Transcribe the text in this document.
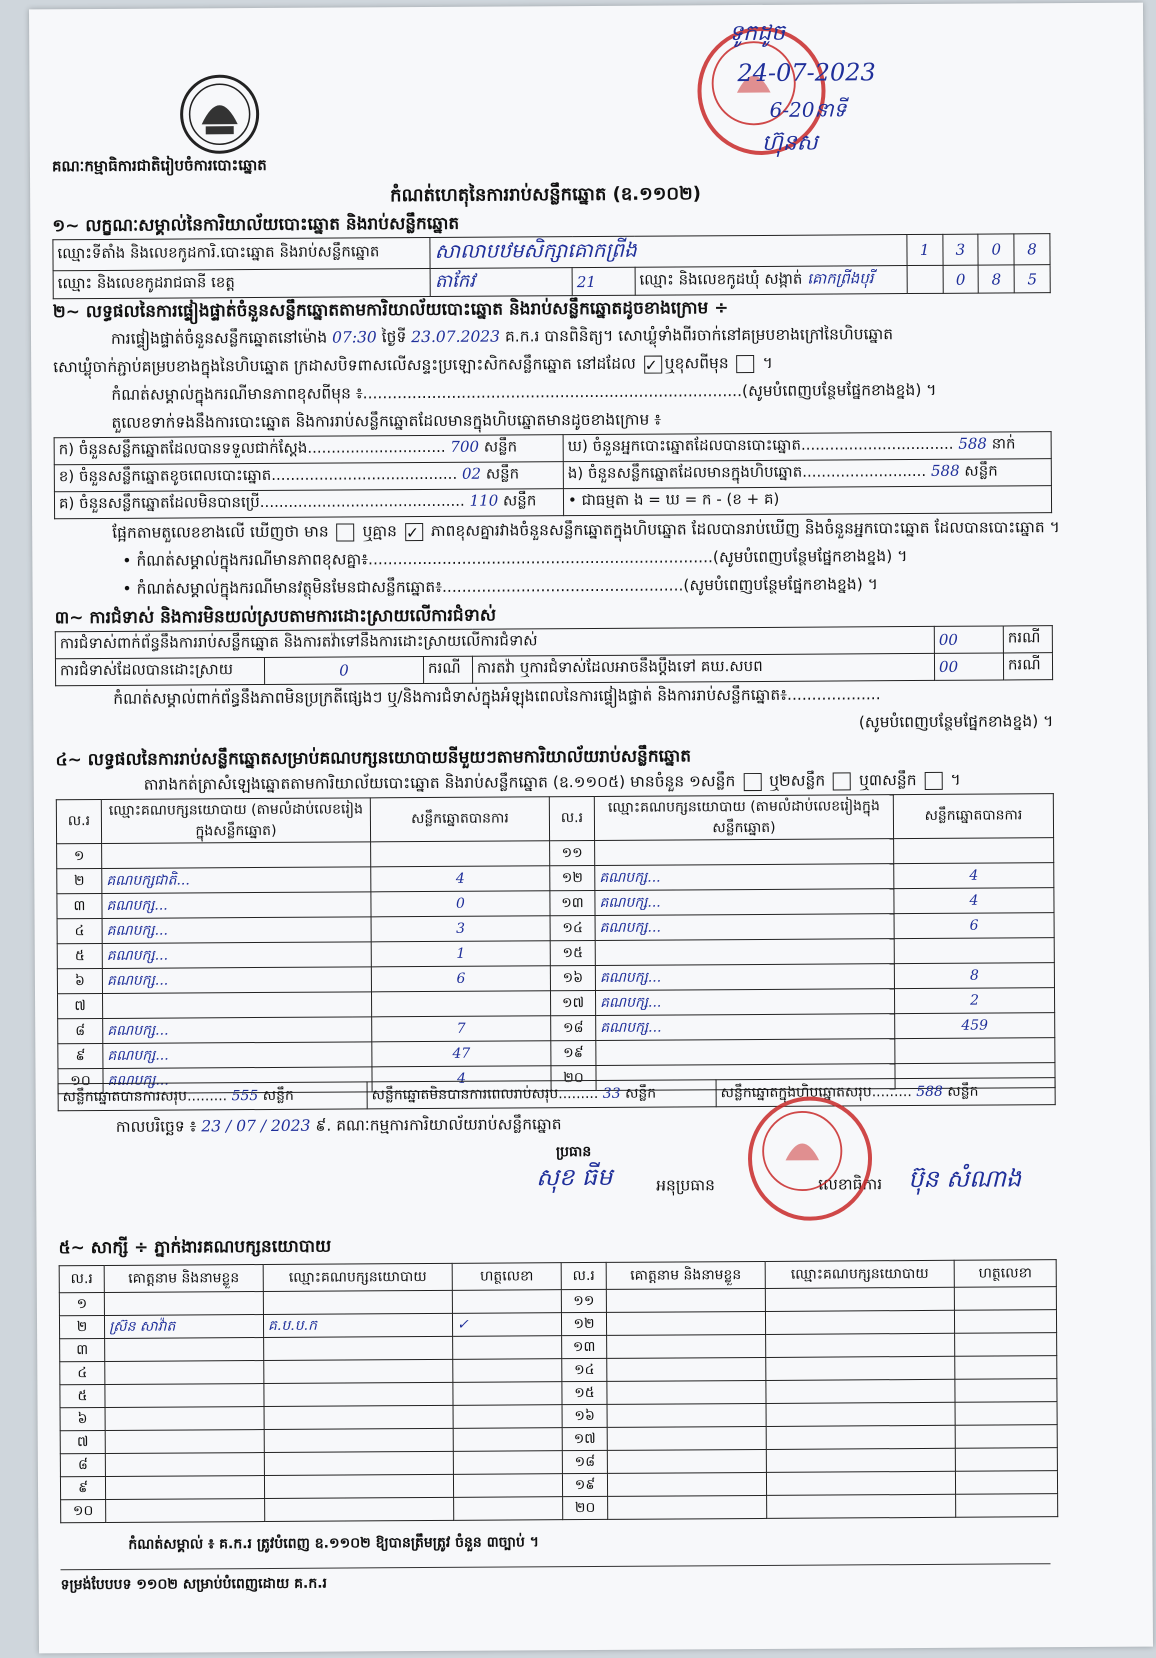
គណៈកម្មាធិការជាតិរៀបចំការបោះឆ្នោត
កំណត់ហេតុនៃការរាប់សន្លឹកឆ្នោត (ឧ.១១០២)
ទូកដូច
24-07-2023
6-20នាទី
ហ៊ុនស
១~ លក្ខណៈសម្គាល់នៃការិយាល័យបោះឆ្នោត និងរាប់សន្លឹកឆ្នោត
ឈ្មោះទីតាំង និងលេខកូដការិ.បោះឆ្នោត និងរាប់សន្លឹកឆ្នោត	សាលាបឋមសិក្សាគោកព្រីង			1	3	0	8
ឈ្មោះ និងលេខកូដរាជធានី ខេត្ត	តាកែវ	21	ឈ្មោះ និងលេខកូដឃុំ សង្កាត់ គោកព្រីងបុរី		0	8	5
២~ លទ្ធផលនៃការផ្ទៀងផ្ទាត់ចំនួនសន្លឹកឆ្នោតតាមការិយាល័យបោះឆ្នោត និងរាប់សន្លឹកឆ្នោតដូចខាងក្រោម ÷
ការផ្ទៀងផ្ទាត់ចំនួនសន្លឹកឆ្នោតនៅម៉ោង 07:30 ថ្ងៃទី 23.07.2023 គ.ក.រ បានពិនិត្យ។ សោឃ្លុំទាំងពីរចាក់នៅគម្របខាងក្រៅនៃហិបឆ្នោត
សោឃ្លុំចាក់ភ្ជាប់គម្របខាងក្នុងនៃហិបឆ្នោត ក្រដាសបិទពាសលើសន្ទះប្រឡោះសិកសន្លឹកឆ្នោត នៅដដែល ✓ ឬខុសពីមុន  ។
កំណត់សម្គាល់ក្នុងករណីមានភាពខុសពីមុន ៖.............................................................................(សូមបំពេញបន្ថែមផ្នែកខាងខ្នង) ។
តួលេខទាក់ទងនឹងការបោះឆ្នោត និងការរាប់សន្លឹកឆ្នោតដែលមានក្នុងហិបឆ្នោតមានដូចខាងក្រោម ៖
ក) ចំនួនសន្លឹកឆ្នោតដែលបានទទួលជាក់ស្ដែង............................. 700 សន្លឹក	ឃ) ចំនួនអ្នកបោះឆ្នោតដែលបានបោះឆ្នោត................................ 588 នាក់
ខ) ចំនួនសន្លឹកឆ្នោតខូចពេលបោះឆ្នោត....................................... 02 សន្លឹក	ង) ចំនួនសន្លឹកឆ្នោតដែលមានក្នុងហិបឆ្នោត.......................... 588 សន្លឹក
គ) ចំនួនសន្លឹកឆ្នោតដែលមិនបានប្រើ........................................... 110 សន្លឹក	• ជាធម្មតា ង = ឃ = ក - (ខ + គ)
ផ្អែកតាមតួលេខខាងលើ ឃើញថា មាន ឬគ្មាន ✓ ភាពខុសគ្នារវាងចំនួនសន្លឹកឆ្នោតក្នុងហិបឆ្នោត ដែលបានរាប់ឃើញ និងចំនួនអ្នកបោះឆ្នោត ដែលបានបោះឆ្នោត ។
• កំណត់សម្គាល់ក្នុងករណីមានភាពខុសគ្នា៖......................................................................(សូមបំពេញបន្ថែមផ្នែកខាងខ្នង) ។
• កំណត់សម្គាល់ក្នុងករណីមានវត្ថុមិនមែនជាសន្លឹកឆ្នោត៖.................................................(សូមបំពេញបន្ថែមផ្នែកខាងខ្នង) ។
៣~ ការជំទាស់ និងការមិនយល់ស្របតាមការដោះស្រាយលើការជំទាស់
ការជំទាស់ពាក់ព័ន្ធនឹងការរាប់សន្លឹកឆ្នោត និងការតវ៉ាទៅនឹងការដោះស្រាយលើការជំទាស់				00	ករណី
ការជំទាស់ដែលបានដោះស្រាយ	0	ករណី	ការតវ៉ា ឬការជំទាស់ដែលអាចនឹងប្ដឹងទៅ គឃ.សបព	00	ករណី
កំណត់សម្គាល់ពាក់ព័ន្ធនឹងភាពមិនប្រក្រតីផ្សេងៗ ឬ/និងការជំទាស់ក្នុងអំឡុងពេលនៃការផ្ទៀងផ្ទាត់ និងការរាប់សន្លឹកឆ្នោត៖...................
(សូមបំពេញបន្ថែមផ្នែកខាងខ្នង) ។
៤~ លទ្ធផលនៃការរាប់សន្លឹកឆ្នោតសម្រាប់គណបក្សនយោបាយនីមួយៗតាមការិយាល័យរាប់សន្លឹកឆ្នោត
តារាងកត់ត្រាសំឡេងឆ្នោតតាមការិយាល័យបោះឆ្នោត និងរាប់សន្លឹកឆ្នោត (ឧ.១១០៥) មានចំនួន ១សន្លឹក ឬ២សន្លឹក ឬ៣សន្លឹក  ។
ល.រ	ឈ្មោះគណបក្សនយោបាយ (តាមលំដាប់លេខរៀងក្នុងសន្លឹកឆ្នោត)	សន្លឹកឆ្នោតបានការ	ល.រ	ឈ្មោះគណបក្សនយោបាយ (តាមលំដាប់លេខរៀងក្នុងសន្លឹកឆ្នោត)	សន្លឹកឆ្នោតបានការ
១			១១		
២	គណបក្សជាតិ...	4	១២	គណបក្ស...	4
៣	គណបក្ស...	0	១៣	គណបក្ស...	4
៤	គណបក្ស...	3	១៤	គណបក្ស...	6
៥	គណបក្ស...	1	១៥		
៦	គណបក្ស...	6	១៦	គណបក្ស...	8
៧			១៧	គណបក្ស...	2
៨	គណបក្ស...	7	១៨	គណបក្ស...	459
៩	គណបក្ស...	47	១៩		
១០	គណបក្ស...	4	២០		
សន្លឹកឆ្នោតបានការសរុប......... 555 សន្លឹក	សន្លឹកឆ្នោតមិនបានការពេលរាប់សរុប......... 33 សន្លឹក	សន្លឹកឆ្នោតក្នុងហិបឆ្នោតសរុប......... 588 សន្លឹក
កាលបរិច្ឆេទ ៖ 23 / 07 / 2023 ៩. គណៈកម្មការការិយាល័យរាប់សន្លឹកឆ្នោត
ប្រធាន
សុខ ធីម	អនុប្រធាន	លេខាធិការ ប៊ុន សំណាង
៥~ សាក្សី ÷ ភ្នាក់ងារគណបក្សនយោបាយ
ល.រ	គោត្តនាម និងនាមខ្លួន	ឈ្មោះគណបក្សនយោបាយ	ហត្ថលេខា	ល.រ	គោត្តនាម និងនាមខ្លួន	ឈ្មោះគណបក្សនយោបាយ	ហត្ថលេខា
១				១១			
២	ស្រ៊ន សាវ៉ាត	គ.ប.ប.ក	✓	១២			
៣				១៣			
៤				១៤			
៥				១៥			
៦				១៦			
៧				១៧			
៨				១៨			
៩				១៩			
១០				២០			
កំណត់សម្គាល់ ៖ គ.ក.រ ត្រូវបំពេញ ឧ.១១០២ ឱ្យបានត្រឹមត្រូវ ចំនួន ៣ច្បាប់ ។
ទម្រង់បែបបទ ១១០២ សម្រាប់បំពេញដោយ គ.ក.រ
